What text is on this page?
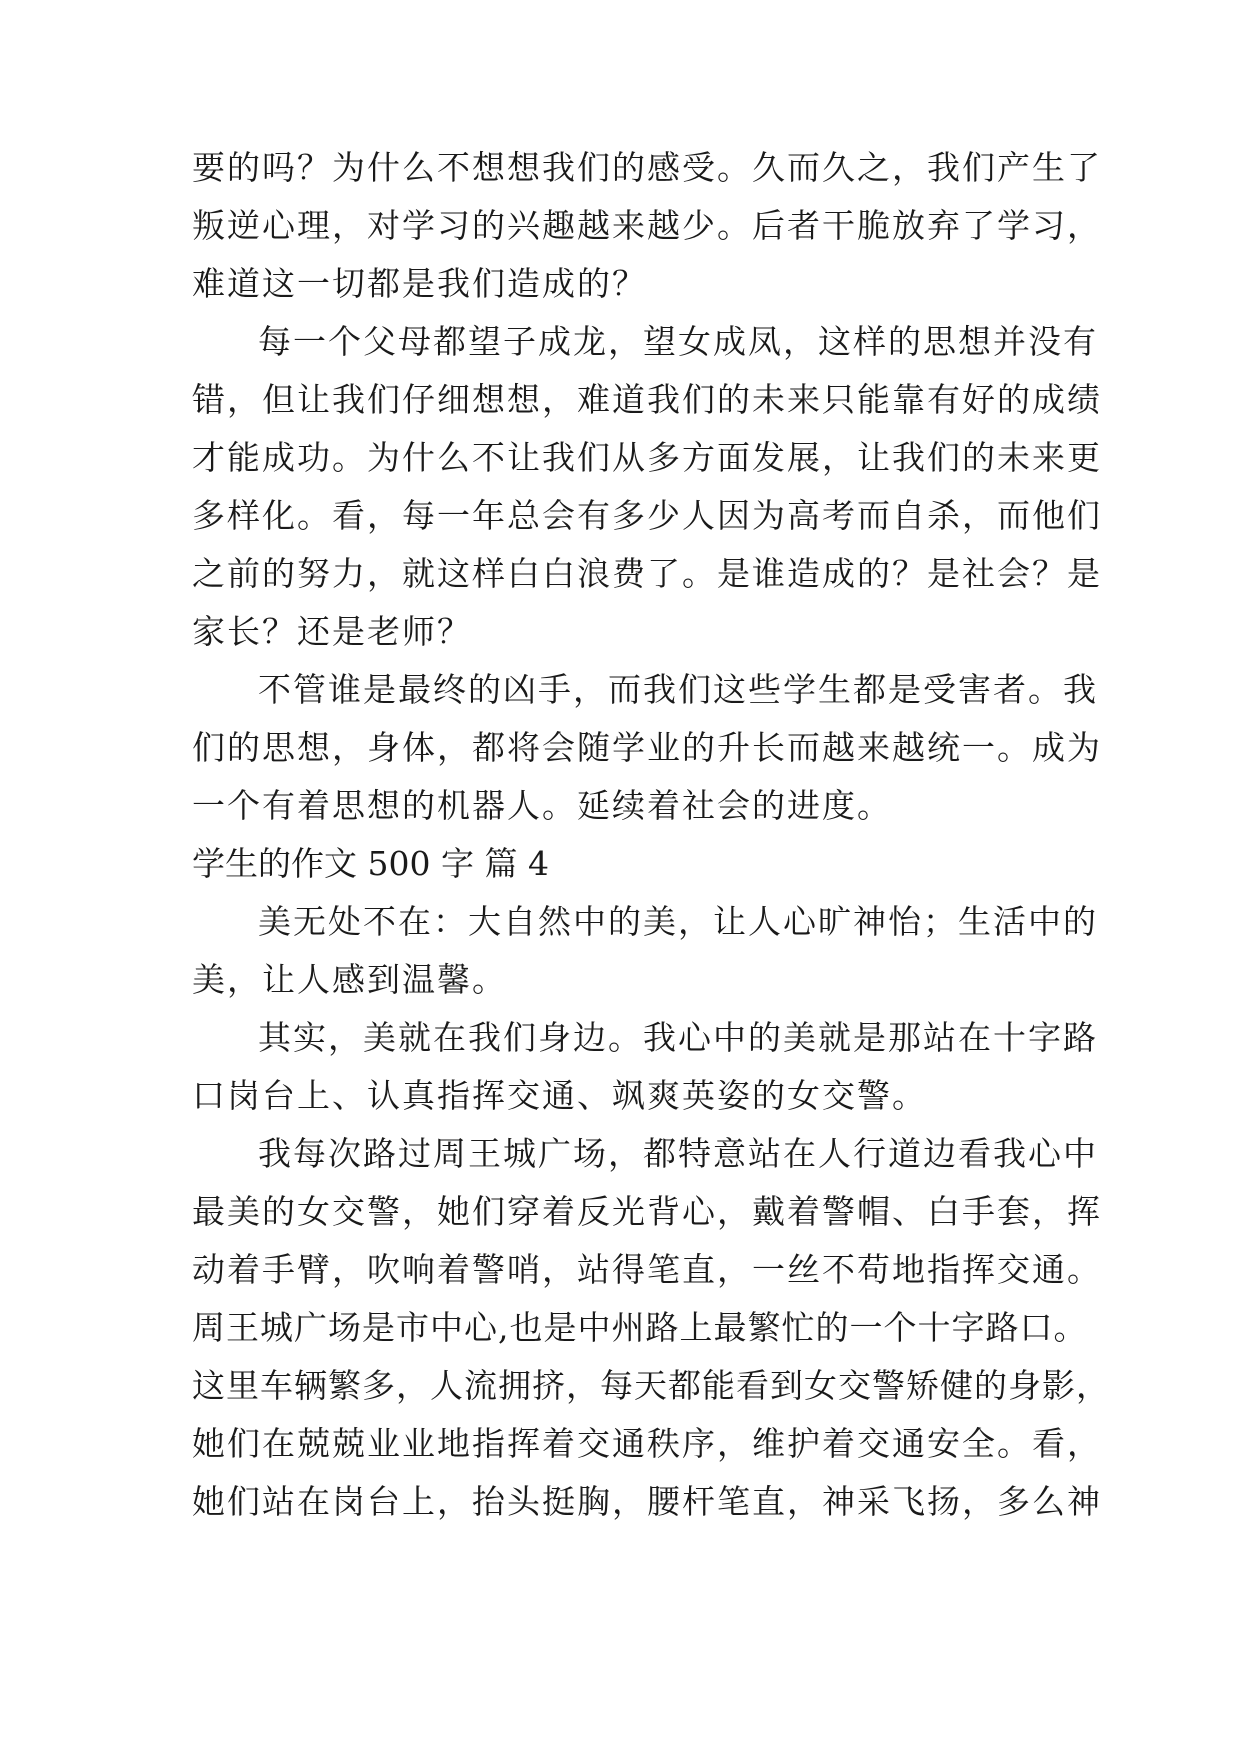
要的吗？为什么不想想我们的感受。久而久之，我们产生了
叛逆心理，对学习的兴趣越来越少。后者干脆放弃了学习，
难道这一切都是我们造成的？
每一个父母都望子成龙，望女成凤，这样的思想并没有
错，但让我们仔细想想，难道我们的未来只能靠有好的成绩
才能成功。为什么不让我们从多方面发展，让我们的未来更
多样化。看，每一年总会有多少人因为高考而自杀，而他们
之前的努力，就这样白白浪费了。是谁造成的？是社会？是
家长？还是老师？
不管谁是最终的凶手，而我们这些学生都是受害者。我
们的思想，身体，都将会随学业的升长而越来越统一。成为
一个有着思想的机器人。延续着社会的进度。
学生的作文 500 字 篇 4
美无处不在：大自然中的美，让人心旷神怡；生活中的
美，让人感到温馨。
其实，美就在我们身边。我心中的美就是那站在十字路
口岗台上、认真指挥交通、飒爽英姿的女交警。
我每次路过周王城广场，都特意站在人行道边看我心中
最美的女交警，她们穿着反光背心，戴着警帽、白手套，挥
动着手臂，吹响着警哨，站得笔直，一丝不苟地指挥交通。
周王城广场是市中心,也是中州路上最繁忙的一个十字路口。
这里车辆繁多，人流拥挤，每天都能看到女交警矫健的身影，
她们在兢兢业业地指挥着交通秩序，维护着交通安全。看，
她们站在岗台上，抬头挺胸，腰杆笔直，神采飞扬，多么神
